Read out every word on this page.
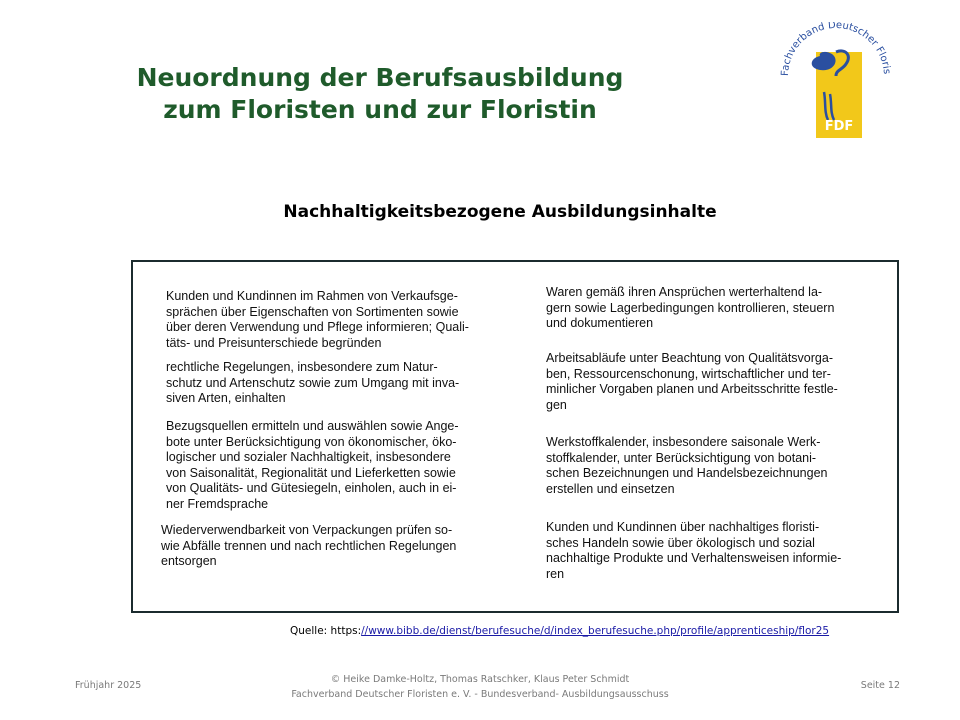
Neuordnung der Berufsausbildung
zum Floristen und zur Floristin
Fachverband Deutscher Floris
FDF
Nachhaltigkeitsbezogene Ausbildungsinhalte
Kunden und Kundinnen im Rahmen von Verkaufsge-
sprächen über Eigenschaften von Sortimenten sowie
über deren Verwendung und Pflege informieren; Quali-
täts- und Preisunterschiede begründen
rechtliche Regelungen, insbesondere zum Natur-
schutz und Artenschutz sowie zum Umgang mit inva-
siven Arten, einhalten
Bezugsquellen ermitteln und auswählen sowie Ange-
bote unter Berücksichtigung von ökonomischer, öko-
logischer und sozialer Nachhaltigkeit, insbesondere
von Saisonalität, Regionalität und Lieferketten sowie
von Qualitäts- und Gütesiegeln, einholen, auch in ei-
ner Fremdsprache
Wiederverwendbarkeit von Verpackungen prüfen so-
wie Abfälle trennen und nach rechtlichen Regelungen
entsorgen
Waren gemäß ihren Ansprüchen werterhaltend la-
gern sowie Lagerbedingungen kontrollieren, steuern
und dokumentieren
Arbeitsabläufe unter Beachtung von Qualitätsvorga-
ben, Ressourcenschonung, wirtschaftlicher und ter-
minlicher Vorgaben planen und Arbeitsschritte festle-
gen
Werkstoffkalender, insbesondere saisonale Werk-
stoffkalender, unter Berücksichtigung von botani-
schen Bezeichnungen und Handelsbezeichnungen
erstellen und einsetzen
Kunden und Kundinnen über nachhaltiges floristi-
sches Handeln sowie über ökologisch und sozial
nachhaltige Produkte und Verhaltensweisen informie-
ren
Quelle: https://www.bibb.de/dienst/berufesuche/d/index_berufesuche.php/profile/apprenticeship/flor25
Frühjahr 2025
© Heike Damke-Holtz, Thomas Ratschker, Klaus Peter Schmidt
Fachverband Deutscher Floristen e. V. - Bundesverband- Ausbildungsausschuss
Seite 12
